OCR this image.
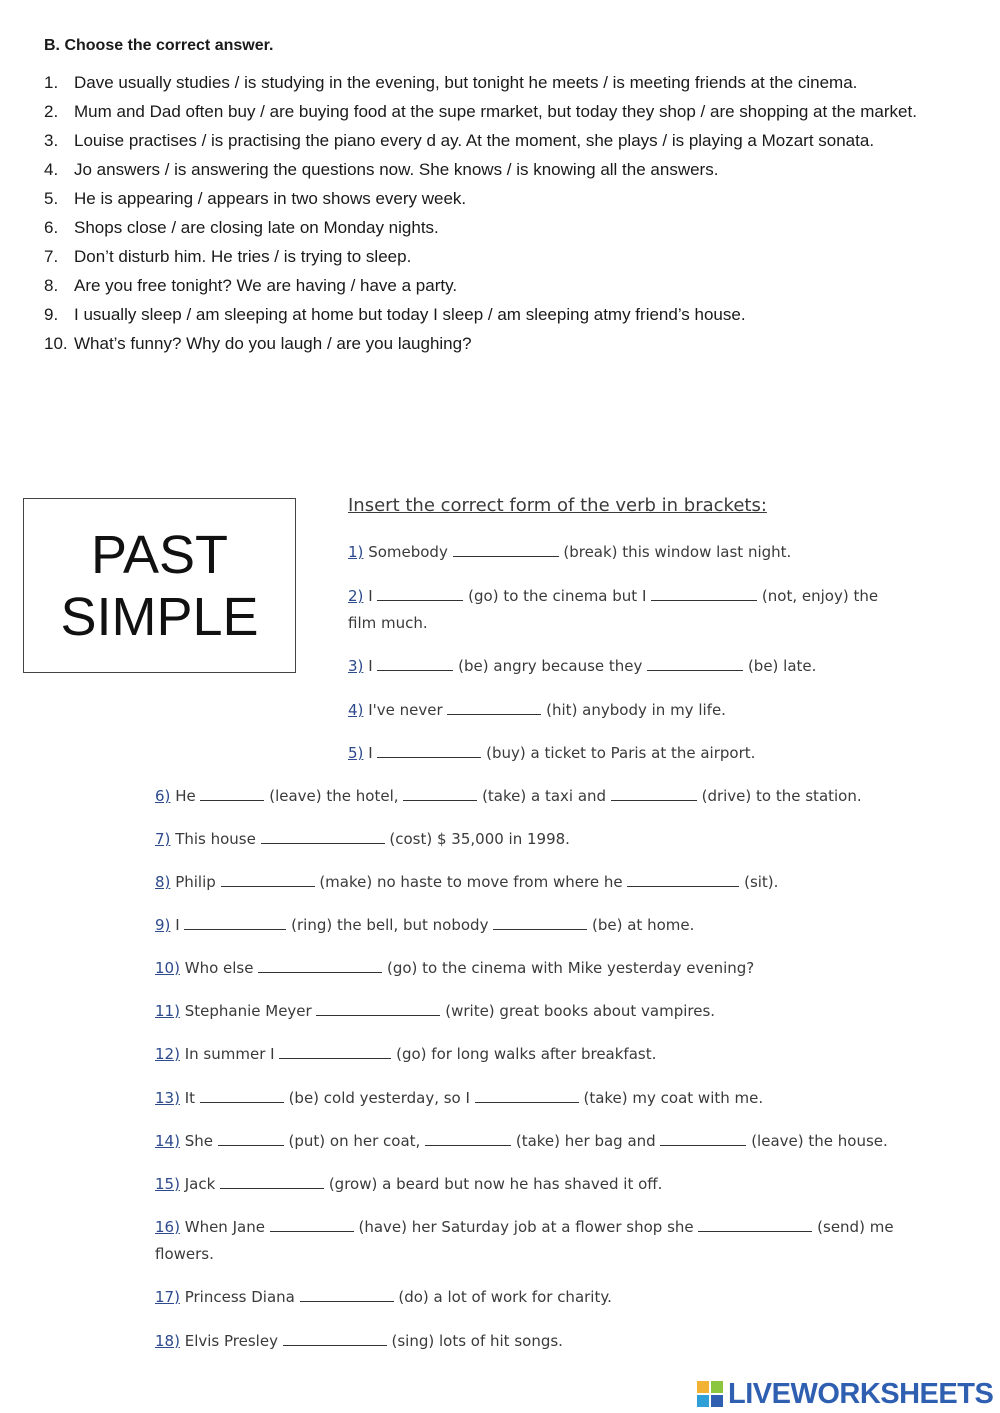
B. Choose the correct answer.
1. Dave usually studies / is studying in the evening, but tonight he meets / is meeting friends at the cinema.
2. Mum and Dad often buy / are buying food at the supe rmarket, but today they shop / are shopping at the market.
3. Louise practises / is practising the piano every d ay. At the moment, she plays / is playing a Mozart sonata.
4. Jo answers / is answering the questions now. She knows / is knowing all the answers.
5. He is appearing / appears in two shows every week.
6. Shops close / are closing late on Monday nights.
7. Don’t disturb him. He tries / is trying to sleep.
8. Are you free tonight? We are having / have a party.
9. I usually sleep / am sleeping at home but today I sleep / am sleeping atmy friend’s house.
10. What’s funny? Why do you laugh / are you laughing?
PAST
SIMPLE
Insert the correct form of the verb in brackets:
1) Somebody	(break) this window last night.
2) I	(go) to the cinema but I	(not, enjoy) the film much.
3) I	(be) angry because they	(be) late.
4) I've never	(hit) anybody in my life.
5) I	(buy) a ticket to Paris at the airport.
6) He	(leave) the hotel,	(take) a taxi and	(drive) to the station.
7) This house	(cost) $ 35,000 in 1998.
8) Philip	(make) no haste to move from where he	(sit).
9) I	(ring) the bell, but nobody	(be) at home.
10) Who else	(go) to the cinema with Mike yesterday evening?
11) Stephanie Meyer	(write) great books about vampires.
12) In summer I	(go) for long walks after breakfast.
13) It	(be) cold yesterday, so I	(take) my coat with me.
14) She	(put) on her coat,	(take) her bag and	(leave) the house.
15) Jack	(grow) a beard but now he has shaved it off.
16) When Jane	(have) her Saturday job at a flower shop she	(send) me flowers.
17) Princess Diana	(do) a lot of work for charity.
18) Elvis Presley	(sing) lots of hit songs.
LIVEWORKSHEETS
